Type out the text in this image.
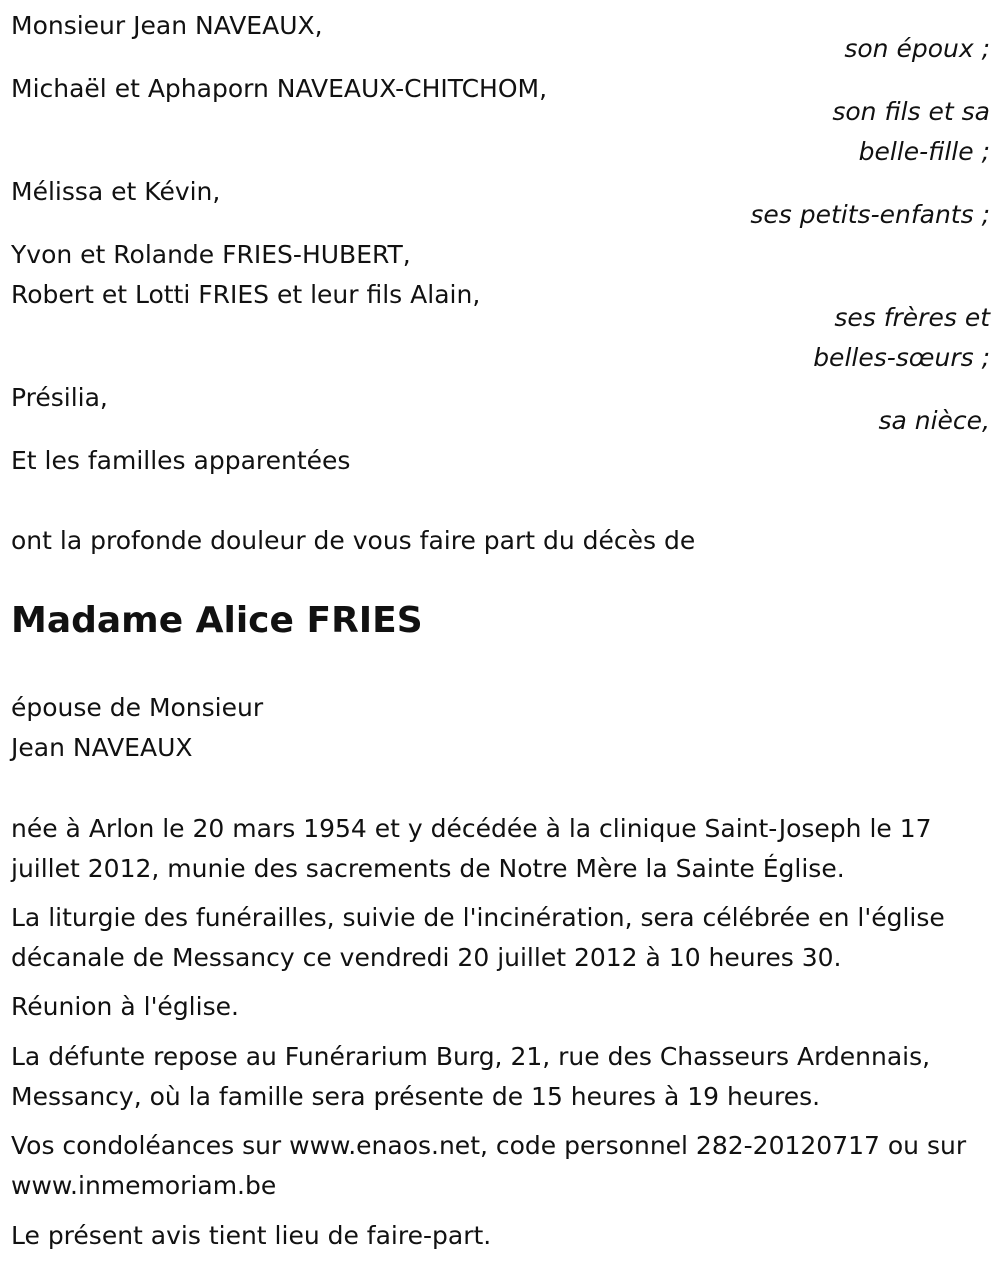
Monsieur Jean NAVEAUX,

son époux ;

Michaël et Aphaporn NAVEAUX-CHITCHOM,

son fils et sa

belle-fille ;

Mélissa et Kévin,

ses petits-enfants ;

Yvon et Rolande FRIES-HUBERT,

Robert et Lotti FRIES et leur fils Alain,

ses frères et

belles-sœurs ;

Présilia,

sa nièce,

Et les familles apparentées

ont la profonde douleur de vous faire part du décès de

Madame Alice FRIES

épouse de Monsieur

Jean NAVEAUX

née à Arlon le 20 mars 1954 et y décédée à la clinique Saint-Joseph le 17 juillet 2012, munie des sacrements de Notre Mère la Sainte Église.

La liturgie des funérailles, suivie de l'incinération, sera célébrée en l'église décanale de Messancy ce vendredi 20 juillet 2012 à 10 heures 30.

Réunion à l'église.

La défunte repose au Funérarium Burg, 21, rue des Chasseurs Ardennais, Messancy, où la famille sera présente de 15 heures à 19 heures.

Vos condoléances sur www.enaos.net, code personnel 282-20120717 ou sur www.inmemoriam.be

Le présent avis tient lieu de faire-part.
